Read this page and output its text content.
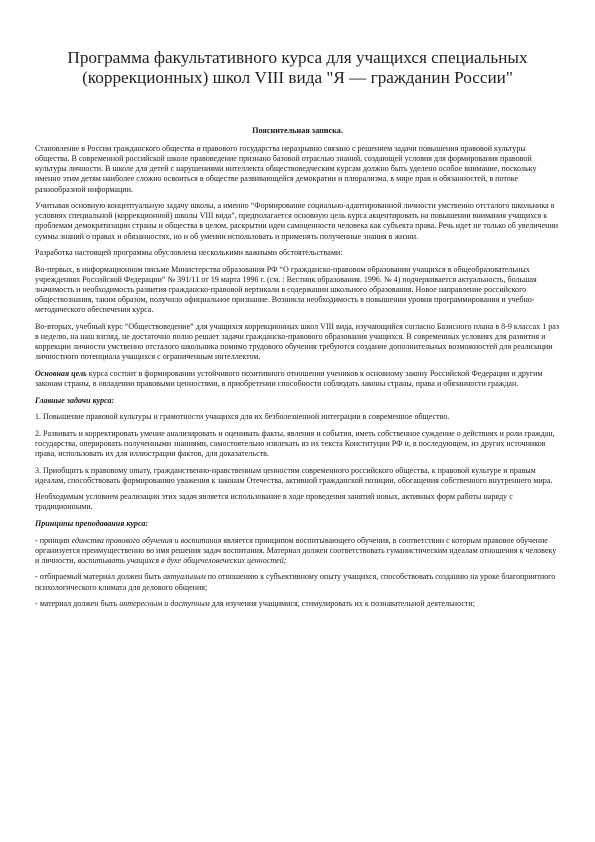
Программа факультативного курса для учащихся специальных
(коррекционных) школ VIII вида "Я — гражданин России"
Пояснительная записка.

Становление в России гражданского общества и правового государства неразрывно связано с решением задачи повышения правовой культуры общества. В современной российской школе правоведение признано базовой отраслью знаний, создающей условия для формирования правовой культуры личности. В школе для детей с нарушениями интеллекта обществоведческим курсам должно быть уделено особое внимание, поскольку именно этим детям наиболее сложно освоиться в обществе развивающейся демократии и плюрализма, в мире прав и обязанностей, в потоке разнообразной информации.

Учитывая основную концептуальную задачу школы, а именно “Формирование социально-адаптированной личности умственно отсталого школьника в условиях специальной (коррекционной) школы VIII вида”, предполагается основную цель курса акцентировать на повышении внимания учащихся к проблемам демократизации страны и общества в целом, раскрытии идеи самоценности человека как субъекта права. Речь идет не только об увеличении суммы знаний о правах и обязанностях, но и об умении использовать и применять полученные знания в жизни.

Разработка настоящей программы обусловлена несколькими важными обстоятельствами:

Во-первых, в информационном письме Министерства образования РФ “О гражданско-правовом образовании учащихся в общеобразовательных учреждениях Российской Федерации” № 391/11 от 19 марта 1996 г. (см. : Вестник образования. 1996. № 4) подчеркивается актуальность, большая значимость и необходимость развития гражданско-правовой вертикали в содержании школьного образования. Новое направление российского обществознания, таким образом, получило официальное признание. Возникла необходимость в повышении уровня программирования и учебно-методического обеспечения курса.

Во-вторых, учебный курс “Обществоведение” для учащихся коррекционных школ VIII вида, изучающийся согласно Базисного плана в 8-9 классах 1 раз в неделю, на наш взгляд, не достаточно полно решает задачи гражданско-правового образования учащихся. В современных условиях для развития и коррекции личности умственно отсталого школьника помимо трудового обучения требуются создание дополнительных возможностей для реализации личностного потенциала учащихся с ограниченным интеллектом.

Основная цель курса состоит в формировании устойчивого позитивного отношения учеников к основному закону Российской Федерации и другим законам страны, в овладении правовыми ценностями, в приобретении способности соблюдать законы страны, права и обязанности граждан.

Главные задачи курса:

1. Повышение правовой культуры и грамотности учащихся для их безболезненной интеграции в современное общество.

2. Развивать и корректировать умение анализировать и оценивать факты, явления и события, иметь собственное суждение о действиях и роли граждан, государства, оперировать полученными знаниями, самостоятельно извлекать из их текста Конституции РФ и, в последующем, из других источников права, использовать их для иллюстрации фактов, для доказательств.

3. Приобщить к правовому опыту, гражданственно-нравственным ценностям современного российского общества, к правовой культуре и правым идеалам, способствовать формированию уважения к законам Отечества, активной гражданской позиции, обогащения собственного внутреннего мира.

Необходимым условием реализации этих задач является использование в ходе проведения занятий новых, активных форм работы наряду с традиционными.

Принципы преподавания курса:

- принцип единства правового обучения и воспитания является принципом воспитывающего обучения, в соответствии с которым правовое обучение организуется преимущественно во имя решения задач воспитания. Материал должен соответствовать гуманистическим идеалам отношения к человеку и личности, воспитывать учащихся в духе общечеловеческих ценностей;

- отбираемый материал должен быть актуальным по отношению к субъективному опыту учащихся, способствовать созданию на уроке благоприятного психологического климата для делового общения;

- материал должен быть интересным и доступным для изучения учащимися, стимулировать их к познавательной деятельности;
